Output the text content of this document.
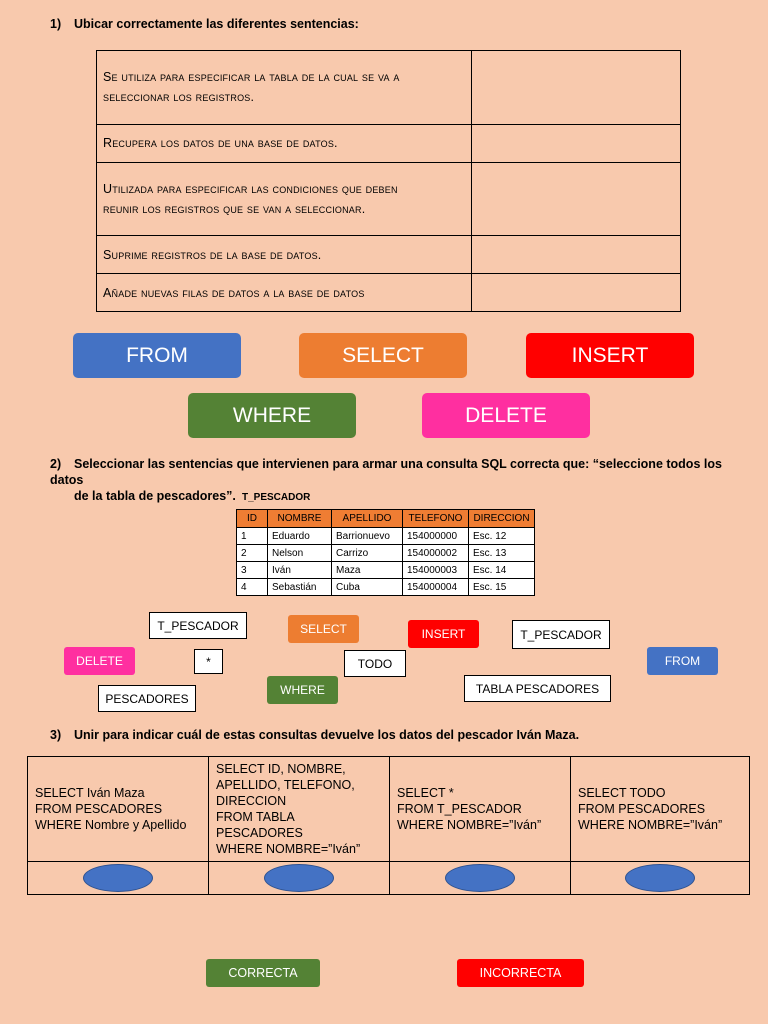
1) Ubicar correctamente las diferentes sentencias:
Se utiliza para especificar la tabla de la cual se va a
seleccionar los registros.	

Recupera los datos de una base de datos.	

Utilizada para especificar las condiciones que deben
reunir los registros que se van a seleccionar.	

Suprime registros de la base de datos.	

Añade nuevas filas de datos a la base de datos	

FROM	SELECT	INSERT
WHERE	DELETE
2) Seleccionar las sentencias que intervienen para armar una consulta SQL correcta que: “seleccione todos los datos
de la tabla de pescadores”. T_PESCADOR
ID	NOMBRE	APELLIDO	TELEFONO	DIRECCION
1	Eduardo	Barrionuevo	154000000	Esc. 12
2	Nelson	Carrizo	154000002	Esc. 13
3	Iván	Maza	154000003	Esc. 14
4	Sebastián	Cuba	154000004	Esc. 15
T_PESCADOR	SELECT	INSERT	T_PESCADOR
DELETE	*	TODO	FROM
PESCADORES
WHERE	TABLA PESCADORES
3) Unir para indicar cuál de estas consultas devuelve los datos del pescador Iván Maza.
SELECT Iván Maza
FROM PESCADORES
WHERE Nombre y Apellido	SELECT ID, NOMBRE,
APELLIDO, TELEFONO,
DIRECCION
FROM TABLA PESCADORES
WHERE NOMBRE=”Iván”	SELECT *
FROM T_PESCADOR
WHERE NOMBRE=”Iván”	SELECT TODO
FROM PESCADORES
WHERE NOMBRE=”Iván”

CORRECTA	INCORRECTA
